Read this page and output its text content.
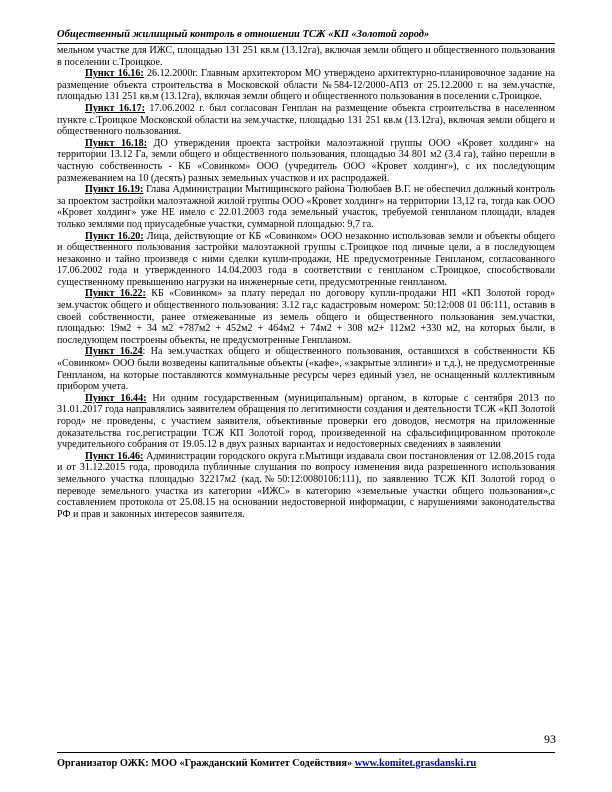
Общественный жилищный контроль в отношении ТСЖ «КП «Золотой город»

мельном участке для ИЖС, площадью 131 251 кв.м (13.12га), включая земли общего и общественного пользования в поселении с.Троицкое.

Пункт 16.16: 26.12.2000г. Главным архитектором МО утверждено архитектурно-планировочное задание на размещение объекта строительства в Московской области №584-12/2000-АПЗ от 25.12.2000 г. на зем.участке, площадью 131 251 кв.м (13.12га), включая земли общего и общественного пользования в поселении с.Троицкое.

Пункт 16.17: 17.06.2002 г. был согласован Генплан на размещение объекта строительства в населенном пункте с.Троицкое Московской области на зем.участке, площадью 131 251 кв.м (13.12га), включая земли общего и общественного пользования.

Пункт 16.18: ДО утверждения проекта застройки малоэтажной группы ООО «Кровет холдинг» на территории 13.12 Га, земли общего и общественного пользования, площадью 34 801 м2 (3.4 га), тайно перешли в частную собственность - КБ «Совинком» ООО (учредитель ООО «Кровет холдинг»), с их последующим размежеванием на 10 (десять) разных земельных участков и их распродажей.

Пункт 16.19: Глава Администрации Мытищинского района Тюлюбаев В.Г. не обеспечил должный контроль за проектом застройки малоэтажной жилой группы ООО «Кровет холдинг» на территории 13,12 га, тогда как ООО «Кровет холдинг» уже НЕ имело с 22.01.2003 года земельный участок, требуемой генпланом площади, владея только землями под приусадебные участки, суммарной площадью: 9,7 га.

Пункт 16.20: Лица, действующие от КБ «Совинком» ООО незаконно использовав земли и объекты общего и общественного пользования застройки малоэтажной группы с.Троицкое под личные цели, а в последующем незаконно и тайно произведя с ними сделки купли-продажи, НЕ предусмотренные Генпланом, согласованного 17.06.2002 года и утвержденного 14.04.2003 года в соответствии с генпланом с.Троицкое, способствовали существенному превышению нагрузки на инженерные сети, предусмотренные генпланом.

Пункт 16.22: КБ «Совинком» за плату передал по договору купли-продажи НП «КП Золотой город» зем.участок общего и общественного пользования: 3.12 га,с кадастровым номером: 50:12:008 01 06:111, оставив в своей собственности, ранее отмежеванные из земель общего и общественного пользования зем.участки, площадью: 19м2 + 34 м2 +787м2 + 452м2 + 464м2 + 74м2 + 308 м2+ 112м2 +330 м2, на которых были, в последующем построены объекты, не предусмотренные Генпланом.

Пункт 16.24: На зем.участках общего и общественного пользования, оставшихся в собственности КБ «Совинком» ООО были возведены капитальные объекты («кафе», «закрытые эллинги» и т.д.), не предусмотренные Генпланом, на которые поставляются коммунальные ресурсы через единый узел, не оснащенный коллективным прибором учета.

Пункт 16.44: Ни одним государственным (муниципальным) органом, в которые с сентября 2013 по 31.01.2017 года направлялись заявителем обращения по легитимности создания и деятельности ТСЖ «КП Золотой город» не проведены, с участием заявителя, объективные проверки его доводов, несмотря на приложенные доказательства гос.регистрации ТСЖ КП Золотой город, произведенной на сфальсифицированном протоколе учредительного собрания от 19.05.12 в двух разных вариантах и недостоверных сведениях в заявлении

Пункт 16.46: Администрации городского округа г.Мытищи издавала свои постановления от 12.08.2015 года и от 31.12.2015 года, проводила публичные слушания по вопросу изменения вида разрешенного использования земельного участка площадью 32217м2 (кад.№50:12:0080106:111), по заявлению ТСЖ КП Золотой город о переводе земельного участка из категории «ИЖС» в категорию «земельные участки общего пользования»,с составлением протокола от 25.08.15 на основании недостоверной информации, с нарушениями законодательства РФ и прав и законных интересов заявителя.

93
Организатор ОЖК: МОО «Гражданский Комитет Содействия» www.komitet.grasdanski.ru
